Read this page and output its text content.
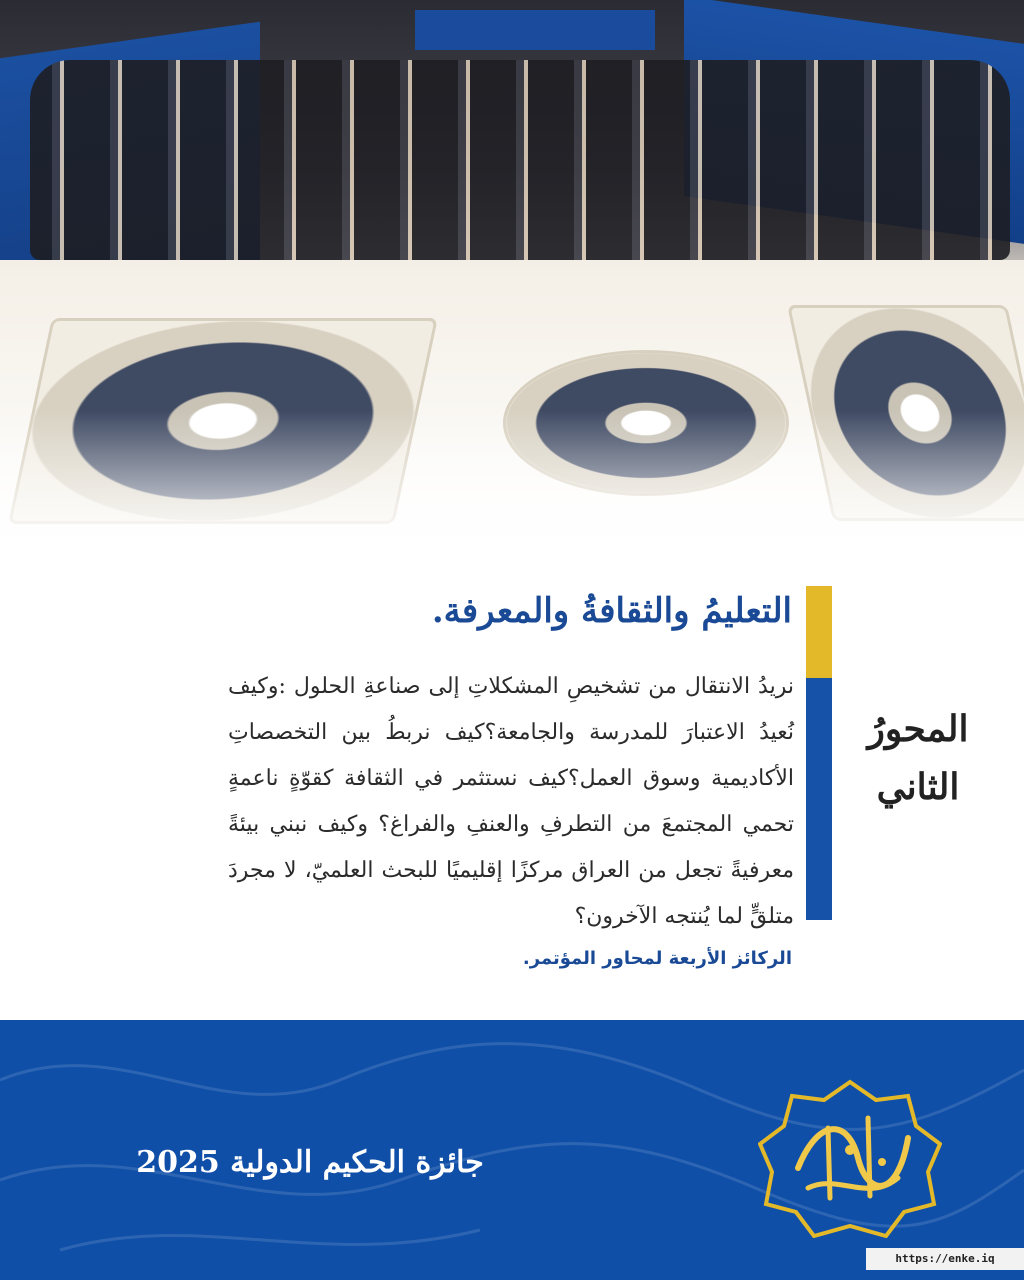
التعليمُ والثقافةُ والمعرفة.

نريدُ الانتقال من تشخيصِ المشكلاتِ إلى صناعةِ الحلول :وكيف نُعيدُ الاعتبارَ للمدرسة والجامعة؟كيف نربطُ بين التخصصاتِ الأكاديمية وسوق العمل؟كيف نستثمر في الثقافة كقوّةٍ ناعمةٍ تحمي المجتمعَ من التطرفِ والعنفِ والفراغ؟ وكيف نبني بيئةً معرفيةً تجعل من العراق مركزًا إقليميًا للبحث العلميّ، لا مجردَ متلقٍّ لما يُنتجه الآخرون؟

المحورُ
الثاني

الركائز الأربعة لمحاور المؤتمر.

جائزة الحكيم الدولية 2025
https://enke.iq
